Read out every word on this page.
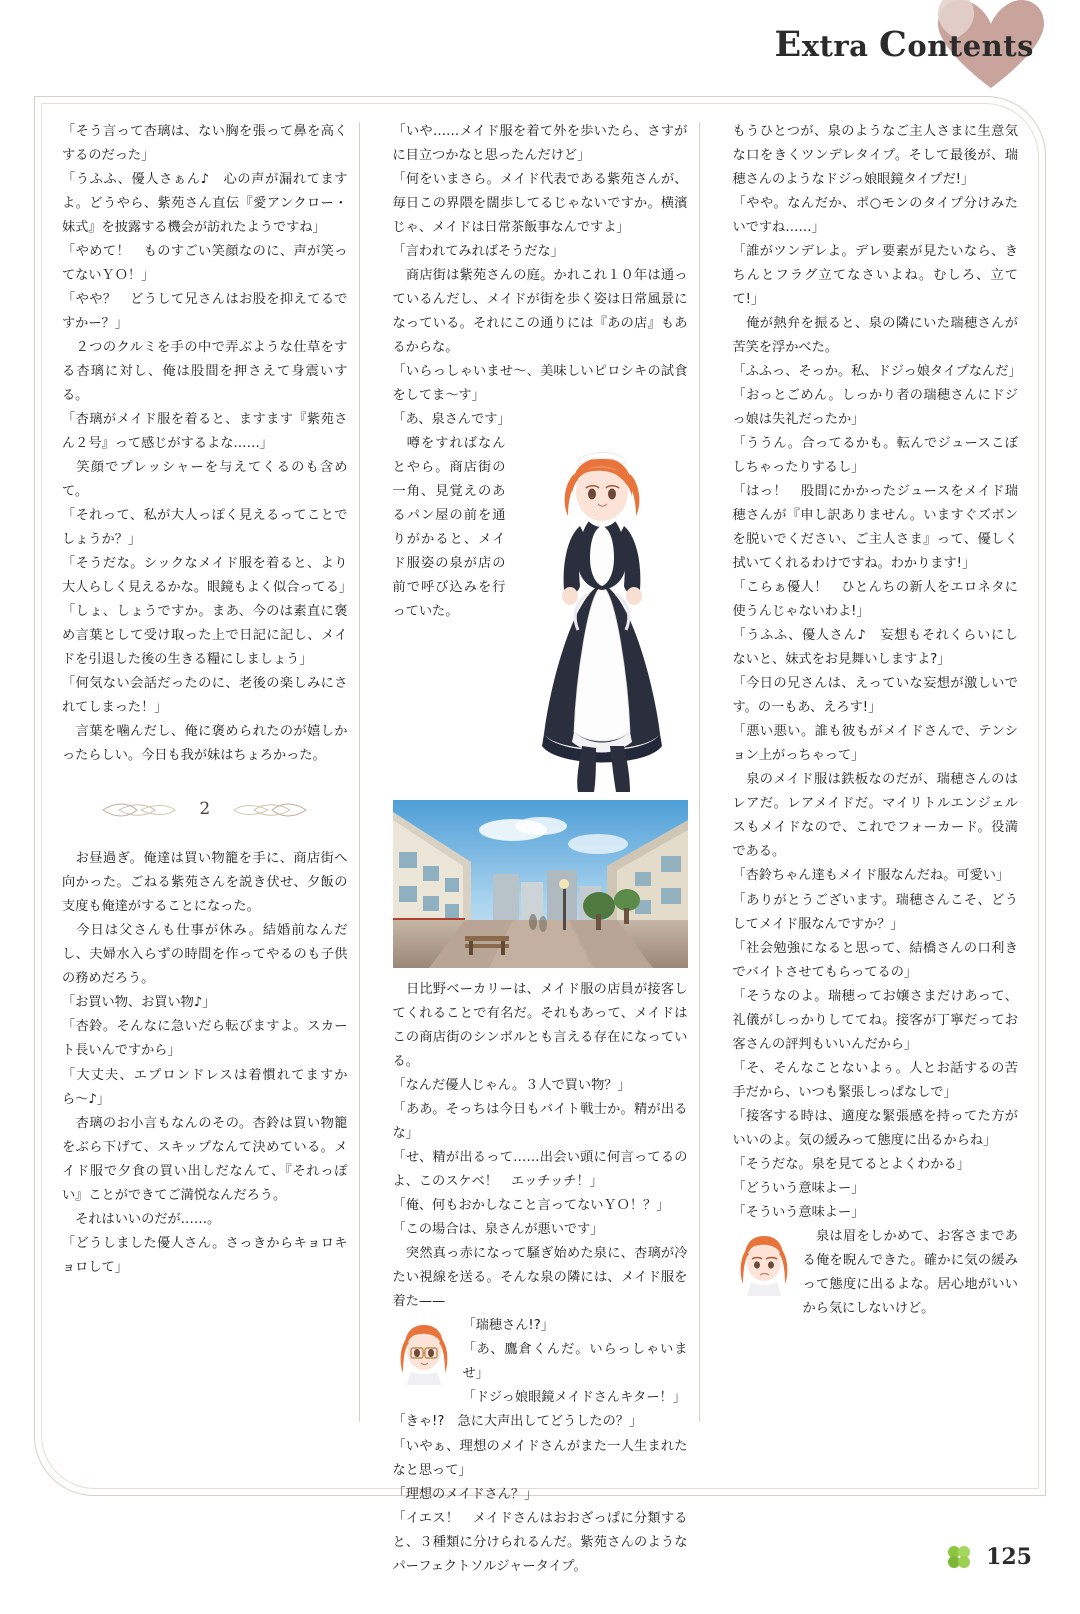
Extra Contents

「そう言って杏璃は、ない胸を張って鼻を高くするのだった」

「うふふ、優人さぁん♪　心の声が漏れてますよ。どうやら、紫苑さん直伝『愛アンクロー・妹式』を披露する機会が訪れたようですね」

「やめて！　ものすごい笑顔なのに、声が笑ってないＹＯ！」

「やや？　どうして兄さんはお股を抑えてるですかー？」

　２つのクルミを手の中で弄ぶような仕草をする杏璃に対し、俺は股間を押さえて身震いする。

「杏璃がメイド服を着ると、ますます『紫苑さん２号』って感じがするよな……」

　笑顔でプレッシャーを与えてくるのも含めて。

「それって、私が大人っぽく見えるってことでしょうか？」

「そうだな。シックなメイド服を着ると、より大人らしく見えるかな。眼鏡もよく似合ってる」

「しょ、しょうですか。まあ、今のは素直に褒め言葉として受け取った上で日記に記し、メイドを引退した後の生きる糧にしましょう」

「何気ない会話だったのに、老後の楽しみにされてしまった！」

　言葉を噛んだし、俺に褒められたのが嬉しかったらしい。今日も我が妹はちょろかった。

2

　お昼過ぎ。俺達は買い物籠を手に、商店街へ向かった。ごねる紫苑さんを説き伏せ、夕飯の支度も俺達がすることになった。

　今日は父さんも仕事が休み。結婚前なんだし、夫婦水入らずの時間を作ってやるのも子供の務めだろう。

「お買い物、お買い物♪」

「杏鈴。そんなに急いだら転びますよ。スカート長いんですから」

「大丈夫、エプロンドレスは着慣れてますから〜♪」

　杏璃のお小言もなんのその。杏鈴は買い物籠をぶら下げて、スキップなんて決めている。メイド服で夕食の買い出しだなんて、『それっぽい』ことができてご満悦なんだろう。

　それはいいのだが……。

「どうしました優人さん。さっきからキョロキョロして」

「いや……メイド服を着て外を歩いたら、さすがに目立つかなと思ったんだけど」

「何をいまさら。メイド代表である紫苑さんが、毎日この界隈を闊歩してるじゃないですか。横濱じゃ、メイドは日常茶飯事なんですよ」

「言われてみればそうだな」

　商店街は紫苑さんの庭。かれこれ１０年は通っているんだし、メイドが街を歩く姿は日常風景になっている。それにこの通りには『あの店』もあるからな。

「いらっしゃいませ〜、美味しいピロシキの試食をしてま〜す」

「あ、泉さんです」

　噂をすればなんとやら。商店街の一角、見覚えのあるパン屋の前を通りがかると、メイド服姿の泉が店の前で呼び込みを行っていた。

　日比野ベーカリーは、メイド服の店員が接客してくれることで有名だ。それもあって、メイドはこの商店街のシンボルとも言える存在になっている。

「なんだ優人じゃん。３人で買い物？」

「ああ。そっちは今日もバイト戦士か。精が出るな」

「せ、精が出るって……出会い頭に何言ってるのよ、このスケベ！　エッチッチ！」

「俺、何もおかしなこと言ってないＹＯ！？」

「この場合は、泉さんが悪いです」

　突然真っ赤になって騒ぎ始めた泉に、杏璃が冷たい視線を送る。そんな泉の隣には、メイド服を着た——

「瑞穂さん!?」

「あ、鷹倉くんだ。いらっしゃいませ」

「ドジっ娘眼鏡メイドさんキター！」

「きゃ!?　急に大声出してどうしたの？」

「いやぁ、理想のメイドさんがまた一人生まれたなと思って」

「理想のメイドさん？」

「イエス！　メイドさんはおおざっぱに分類すると、３種類に分けられるんだ。紫苑さんのようなパーフェクトソルジャータイプ。

もうひとつが、泉のようなご主人さまに生意気な口をきくツンデレタイプ。そして最後が、瑞穂さんのようなドジっ娘眼鏡タイプだ!」

「やや。なんだか、ポ○モンのタイプ分けみたいですね……」

「誰がツンデレよ。デレ要素が見たいなら、きちんとフラグ立てなさいよね。むしろ、立てて!」

　俺が熱弁を振ると、泉の隣にいた瑞穂さんが苦笑を浮かべた。

「ふふっ、そっか。私、ドジっ娘タイプなんだ」

「おっとごめん。しっかり者の瑞穂さんにドジっ娘は失礼だったか」

「ううん。合ってるかも。転んでジュースこぼしちゃったりするし」

「はっ！　股間にかかったジュースをメイド瑞穂さんが『申し訳ありません。いますぐズボンを脱いでください、ご主人さま』って、優しく拭いてくれるわけですね。わかります!」

「こらぁ優人！　ひとんちの新人をエロネタに使うんじゃないわよ!」

「うふふ、優人さん♪　妄想もそれくらいにしないと、妹式をお見舞いしますよ?」

「今日の兄さんは、えっていな妄想が激しいです。の一もあ、えろす!」

「悪い悪い。誰も彼もがメイドさんで、テンション上がっちゃって」

　泉のメイド服は鉄板なのだが、瑞穂さんのはレアだ。レアメイドだ。マイリトルエンジェルスもメイドなので、これでフォーカード。役満である。

「杏鈴ちゃん達もメイド服なんだね。可愛い」

「ありがとうございます。瑞穂さんこそ、どうしてメイド服なんですか？」

「社会勉強になると思って、結橋さんの口利きでバイトさせてもらってるの」

「そうなのよ。瑞穂ってお嬢さまだけあって、礼儀がしっかりしててね。接客が丁寧だってお客さんの評判もいいんだから」

「そ、そんなことないよぅ。人とお話するの苦手だから、いつも緊張しっぱなしで」

「接客する時は、適度な緊張感を持ってた方がいいのよ。気の緩みって態度に出るからね」

「そうだな。泉を見てるとよくわかる」

「どういう意味よー」

「そういう意味よー」

　泉は眉をしかめて、お客さまである俺を睨んできた。確かに気の緩みって態度に出るよな。居心地がいいから気にしないけど。

125
